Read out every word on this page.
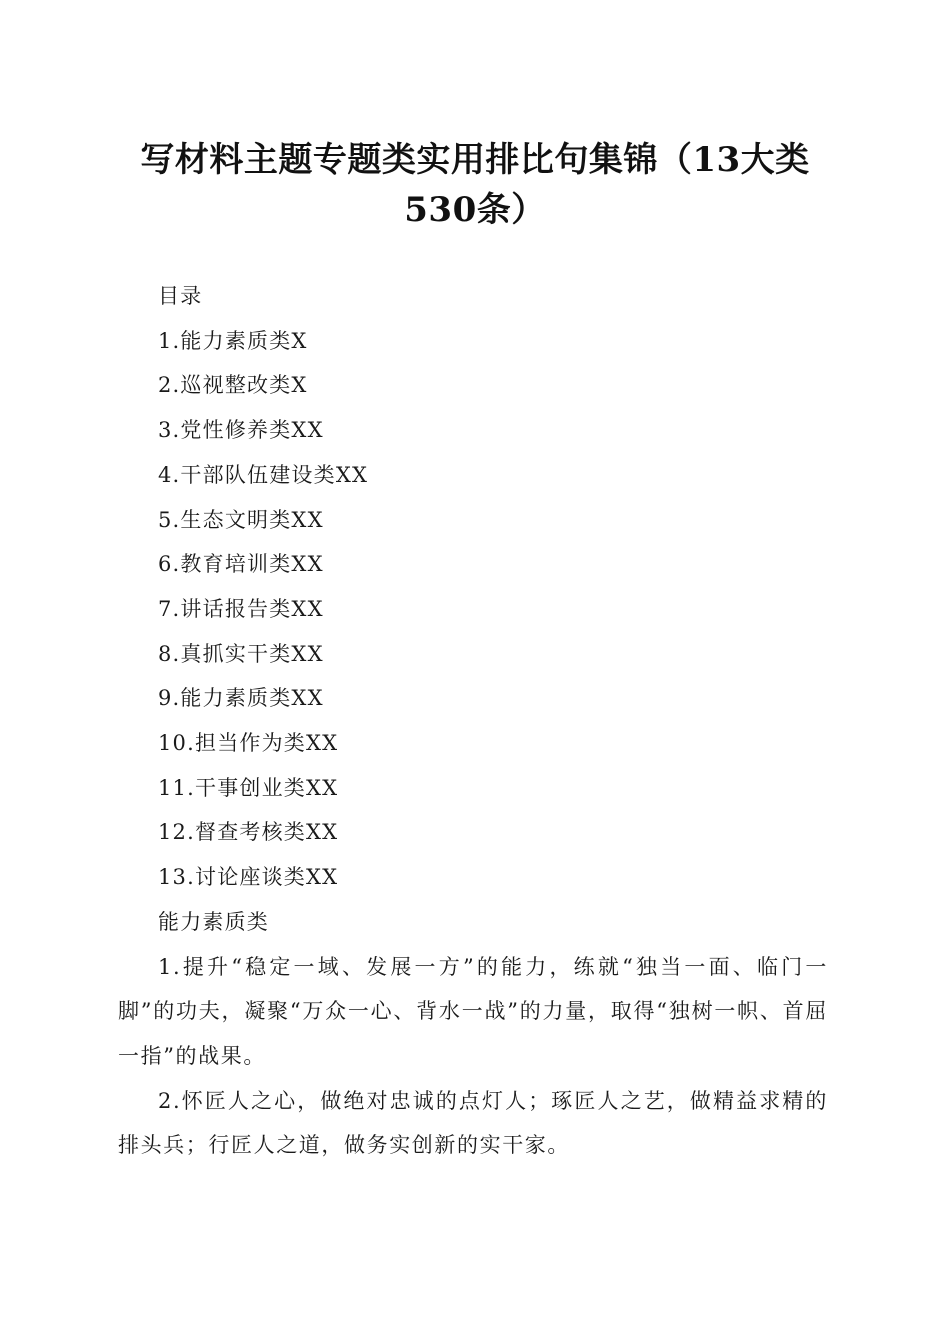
写材料主题专题类实用排比句集锦（13大类
530条）

目录

1.能力素质类X

2.巡视整改类X

3.党性修养类XX

4.干部队伍建设类XX

5.生态文明类XX

6.教育培训类XX

7.讲话报告类XX

8.真抓实干类XX

9.能力素质类XX

10.担当作为类XX

11.干事创业类XX

12.督查考核类XX

13.讨论座谈类XX

能力素质类

1.提升“稳定一域、发展一方”的能力，练就“独当一面、临门一脚”的功夫，凝聚“万众一心、背水一战”的力量，取得“独树一帜、首屈一指”的战果。

2.怀匠人之心，做绝对忠诚的点灯人；琢匠人之艺，做精益求精的排头兵；行匠人之道，做务实创新的实干家。
